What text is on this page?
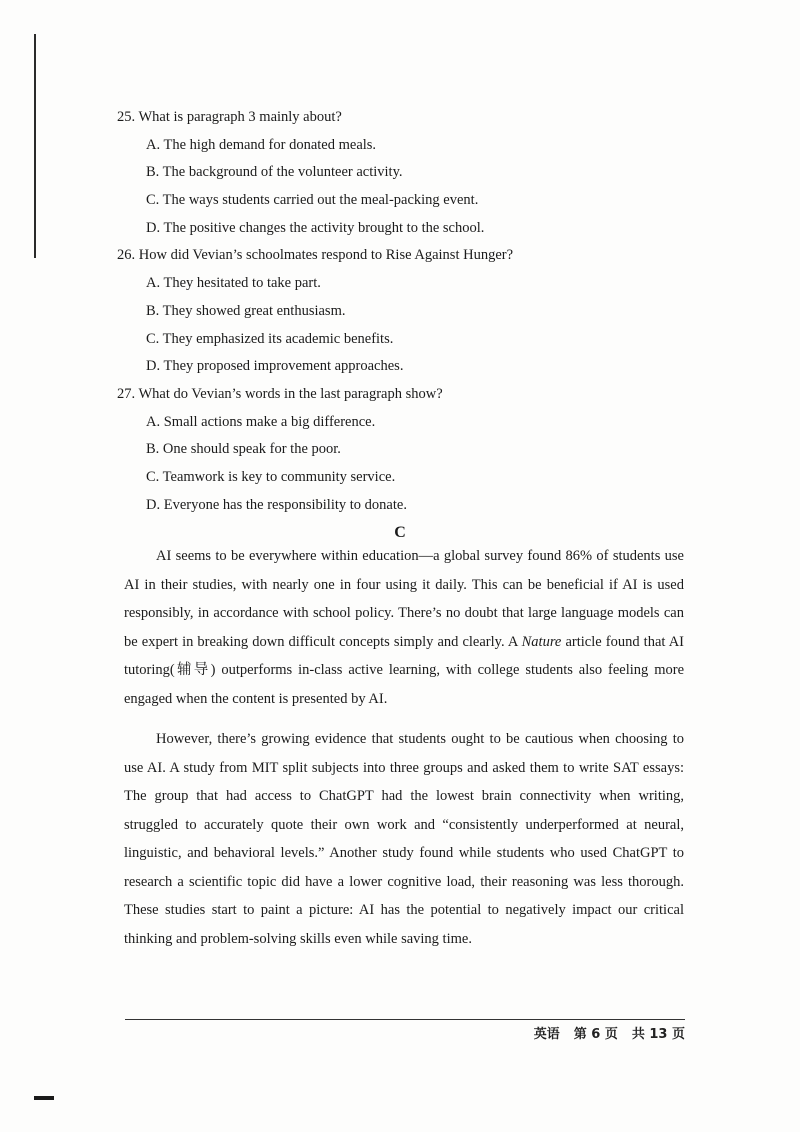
25. What is paragraph 3 mainly about?

A. The high demand for donated meals.

B. The background of the volunteer activity.

C. The ways students carried out the meal-packing event.

D. The positive changes the activity brought to the school.

26. How did Vevian’s schoolmates respond to Rise Against Hunger?

A. They hesitated to take part.

B. They showed great enthusiasm.

C. They emphasized its academic benefits.

D. They proposed improvement approaches.

27. What do Vevian’s words in the last paragraph show?

A. Small actions make a big difference.

B. One should speak for the poor.

C. Teamwork is key to community service.

D. Everyone has the responsibility to donate.

C

AI seems to be everywhere within education—a global survey found 86% of students use AI in their studies, with nearly one in four using it daily. This can be beneficial if AI is used responsibly, in accordance with school policy. There’s no doubt that large language models can be expert in breaking down difficult concepts simply and clearly. A Nature article found that AI tutoring(辅导) outperforms in-class active learning, with college students also feeling more engaged when the content is presented by AI.

However, there’s growing evidence that students ought to be cautious when choosing to use AI. A study from MIT split subjects into three groups and asked them to write SAT essays: The group that had access to ChatGPT had the lowest brain connectivity when writing, struggled to accurately quote their own work and “consistently underperformed at neural, linguistic, and behavioral levels.” Another study found while students who used ChatGPT to research a scientific topic did have a lower cognitive load, their reasoning was less thorough. These studies start to paint a picture: AI has the potential to negatively impact our critical thinking and problem-solving skills even while saving time.

英语 第 6 页 共 13 页
